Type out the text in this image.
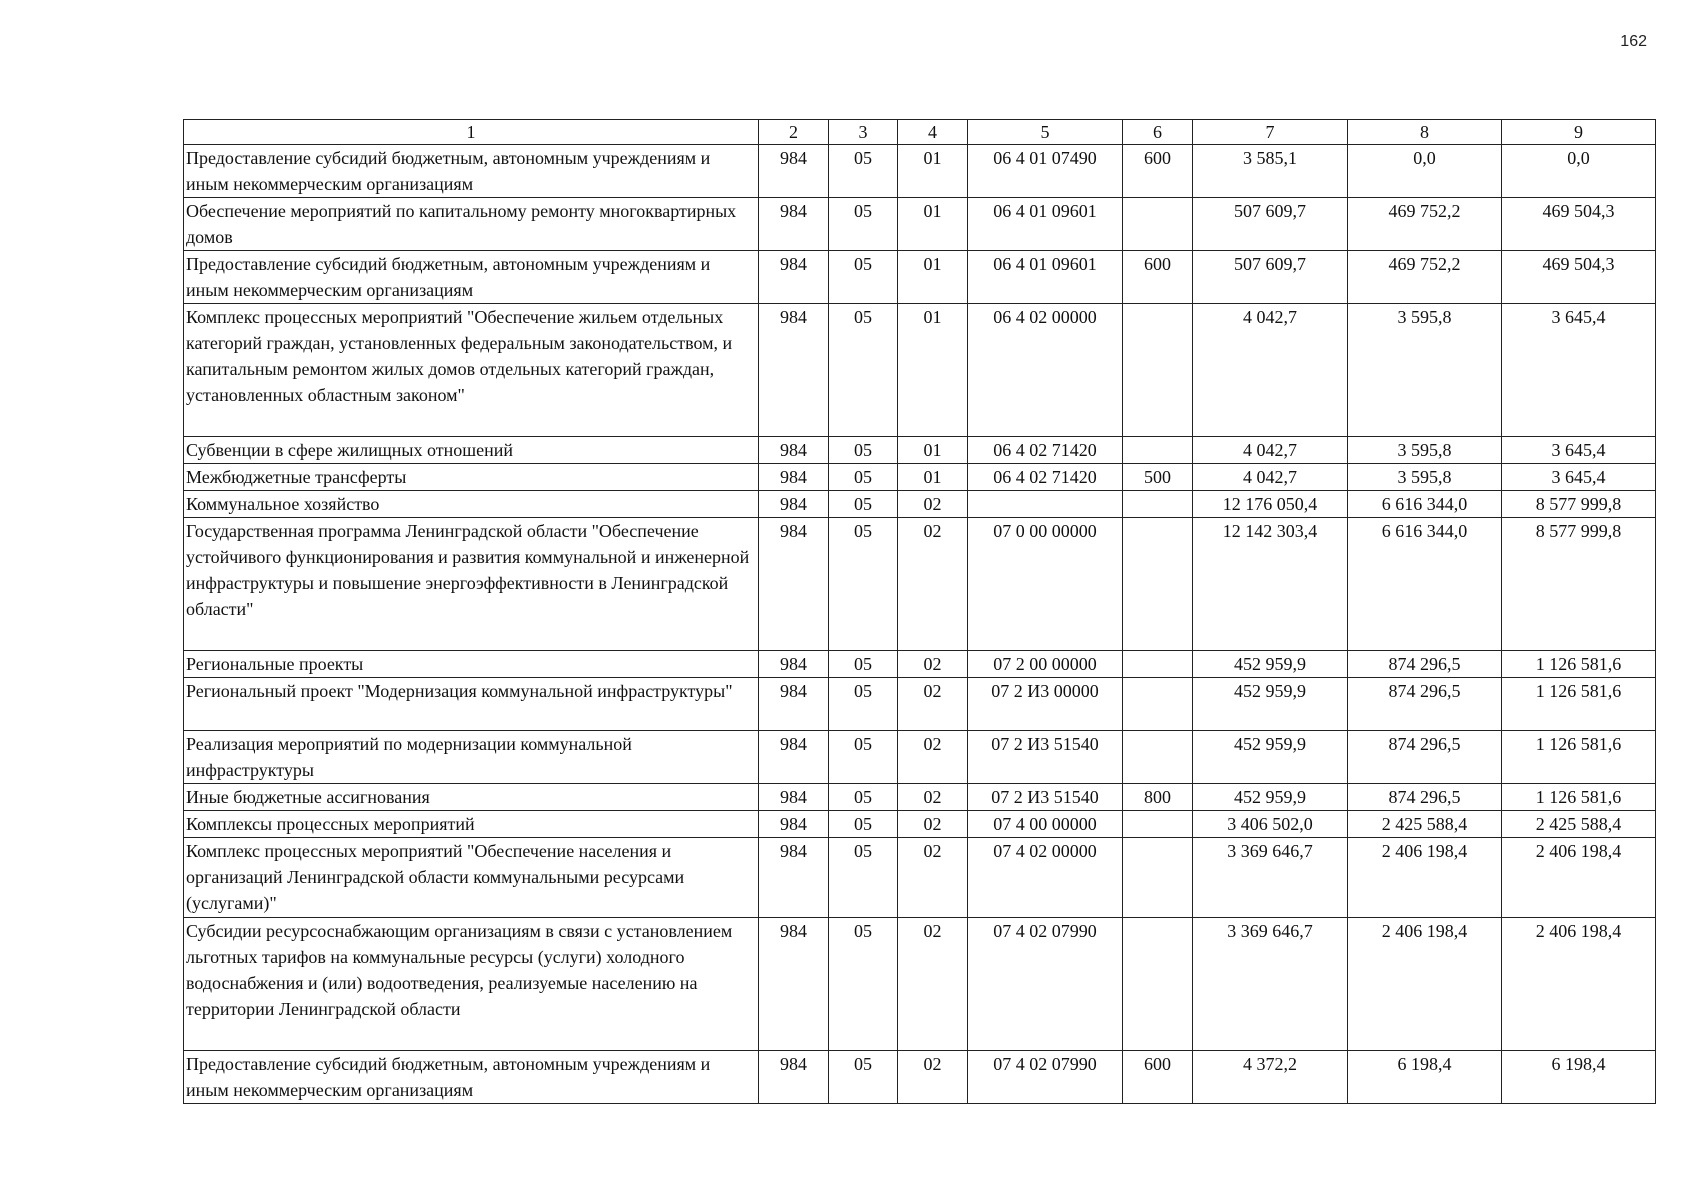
162
1	2	3	4	5	6	7	8	9
Предоставление субсидий бюджетным, автономным учреждениям и иным некоммерческим организациям	984	05	01	06 4 01 07490	600	3 585,1	0,0	0,0
Обеспечение мероприятий по капитальному ремонту многоквартирных домов	984	05	01	06 4 01 09601		507 609,7	469 752,2	469 504,3
Предоставление субсидий бюджетным, автономным учреждениям и иным некоммерческим организациям	984	05	01	06 4 01 09601	600	507 609,7	469 752,2	469 504,3
Комплекс процессных мероприятий "Обеспечение жильем отдельных категорий граждан, установленных федеральным законодательством, и капитальным ремонтом жилых домов отдельных категорий граждан, установленных областным законом"	984	05	01	06 4 02 00000		4 042,7	3 595,8	3 645,4
Субвенции в сфере жилищных отношений	984	05	01	06 4 02 71420		4 042,7	3 595,8	3 645,4
Межбюджетные трансферты	984	05	01	06 4 02 71420	500	4 042,7	3 595,8	3 645,4
Коммунальное хозяйство	984	05	02			12 176 050,4	6 616 344,0	8 577 999,8
Государственная программа Ленинградской области "Обеспечение устойчивого функционирования и развития коммунальной и инженерной инфраструктуры и повышение энергоэффективности в Ленинградской области"	984	05	02	07 0 00 00000		12 142 303,4	6 616 344,0	8 577 999,8
Региональные проекты	984	05	02	07 2 00 00000		452 959,9	874 296,5	1 126 581,6
Региональный проект "Модернизация коммунальной инфраструктуры"	984	05	02	07 2 И3 00000		452 959,9	874 296,5	1 126 581,6
Реализация мероприятий по модернизации коммунальной инфраструктуры	984	05	02	07 2 И3 51540		452 959,9	874 296,5	1 126 581,6
Иные бюджетные ассигнования	984	05	02	07 2 И3 51540	800	452 959,9	874 296,5	1 126 581,6
Комплексы процессных мероприятий	984	05	02	07 4 00 00000		3 406 502,0	2 425 588,4	2 425 588,4
Комплекс процессных мероприятий "Обеспечение населения и организаций Ленинградской области коммунальными ресурсами (услугами)"	984	05	02	07 4 02 00000		3 369 646,7	2 406 198,4	2 406 198,4
Субсидии ресурсоснабжающим организациям в связи с установлением льготных тарифов на коммунальные ресурсы (услуги) холодного водоснабжения и (или) водоотведения, реализуемые населению на территории Ленинградской области	984	05	02	07 4 02 07990		3 369 646,7	2 406 198,4	2 406 198,4
Предоставление субсидий бюджетным, автономным учреждениям и иным некоммерческим организациям	984	05	02	07 4 02 07990	600	4 372,2	6 198,4	6 198,4
